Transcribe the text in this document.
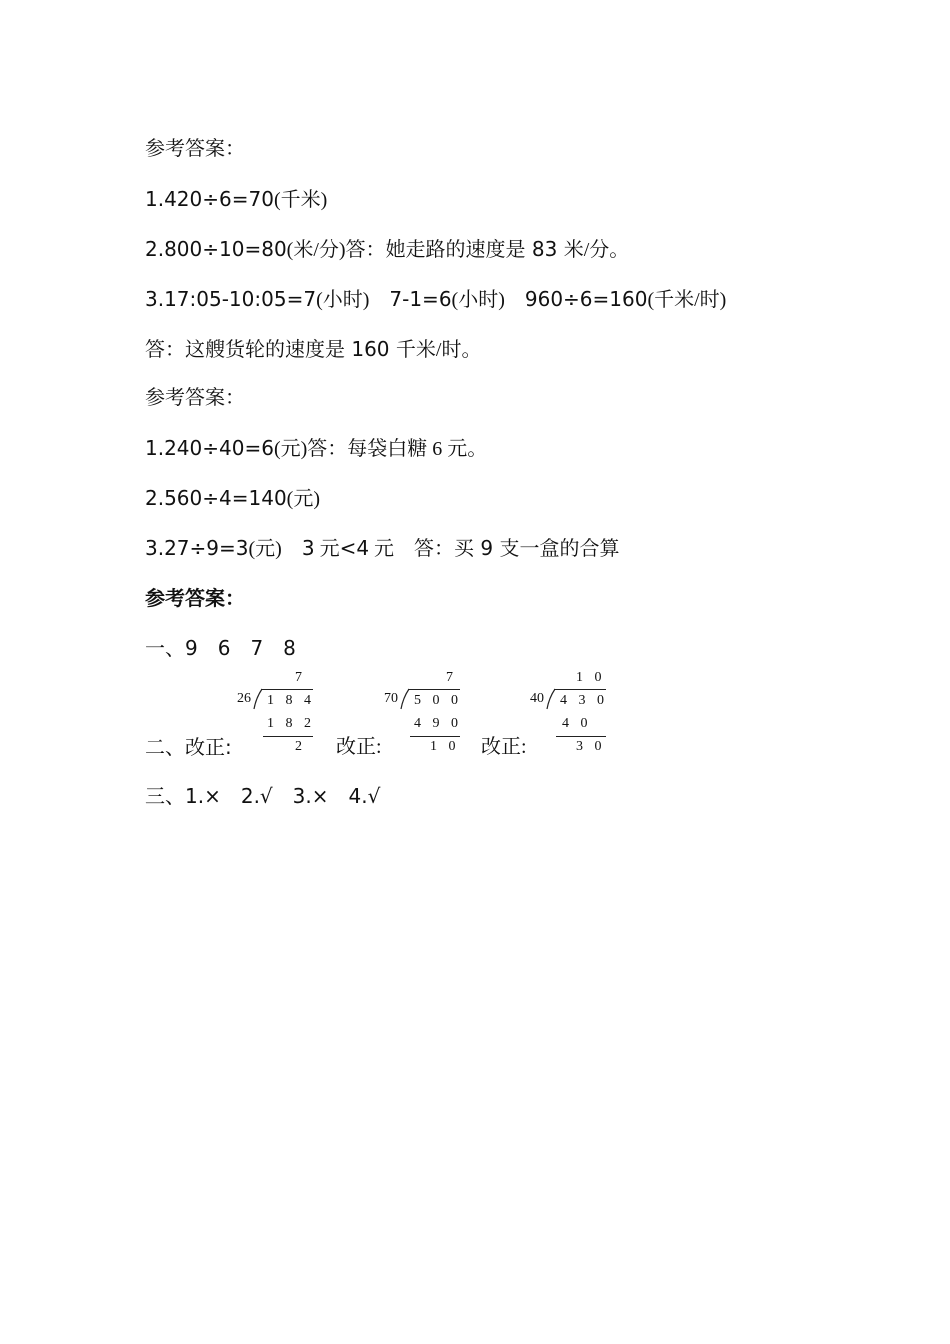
参考答案：
1.420÷6=70(千米)
2.800÷10=80(米/分)答：她走路的速度是 83 米/分。
3.17:05-10:05=7(小时) 7-1=6(小时) 960÷6=160(千米/时)
答：这艘货轮的速度是 160 千米/时。
参考答案：
1.240÷40=6(元)答：每袋白糖 6 元。
2.560÷4=140(元)
3.27÷9=3(元) 3 元<4 元 答：买 9 支一盒的合算
参考答案：
一、9　6　7　8
7
26 1 8 4
1 8 2
2
7
70 5 0 0
4 9 0
1 0
1 0
40 4 3 0
4 0
3 0
二、改正:	改正:	改正:
三、1.×　2.√　3.×　4.√
